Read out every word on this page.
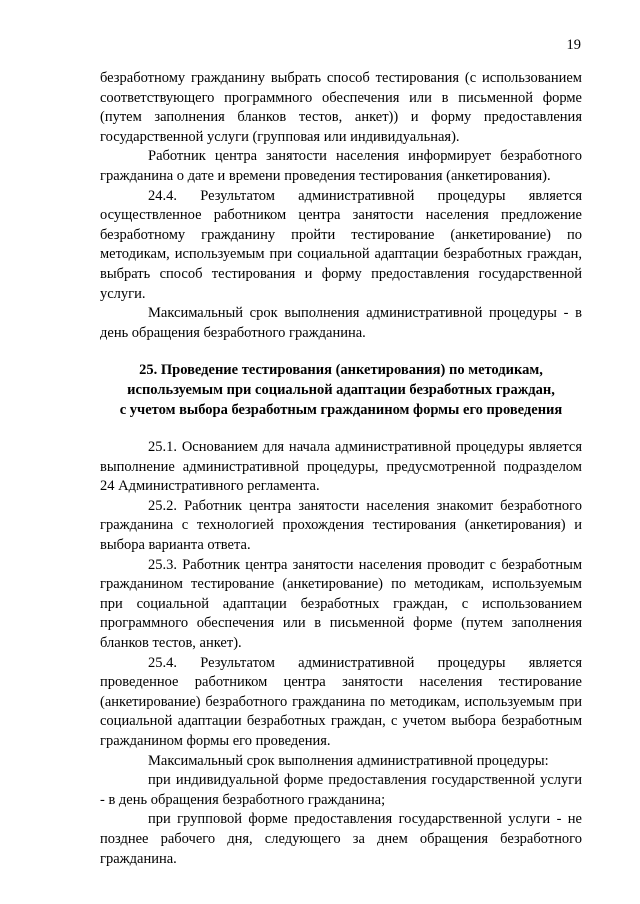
19

безработному гражданину выбрать способ тестирования (с использованием соответствующего программного обеспечения или в письменной форме (путем заполнения бланков тестов, анкет)) и форму предоставления государственной услуги (групповая или индивидуальная).

Работник центра занятости населения информирует безработного гражданина о дате и времени проведения тестирования (анкетирования).

24.4. Результатом административной процедуры является осуществленное работником центра занятости населения предложение безработному гражданину пройти тестирование (анкетирование) по методикам, используемым при социальной адаптации безработных граждан, выбрать способ тестирования и форму предоставления государственной услуги.

Максимальный срок выполнения административной процедуры - в день обращения безработного гражданина.

25. Проведение тестирования (анкетирования) по методикам,
используемым при социальной адаптации безработных граждан,
с учетом выбора безработным гражданином формы его проведения

25.1. Основанием для начала административной процедуры является выполнение административной процедуры, предусмотренной подразделом 24 Административного регламента.

25.2. Работник центра занятости населения знакомит безработного гражданина с технологией прохождения тестирования (анкетирования) и выбора варианта ответа.

25.3. Работник центра занятости населения проводит с безработным гражданином тестирование (анкетирование) по методикам, используемым при социальной адаптации безработных граждан, с использованием программного обеспечения или в письменной форме (путем заполнения бланков тестов, анкет).

25.4. Результатом административной процедуры является проведенное работником центра занятости населения тестирование (анкетирование) безработного гражданина по методикам, используемым при социальной адаптации безработных граждан, с учетом выбора безработным гражданином формы его проведения.

Максимальный срок выполнения административной процедуры:

при индивидуальной форме предоставления государственной услуги - в день обращения безработного гражданина;

при групповой форме предоставления государственной услуги - не позднее рабочего дня, следующего за днем обращения безработного гражданина.
